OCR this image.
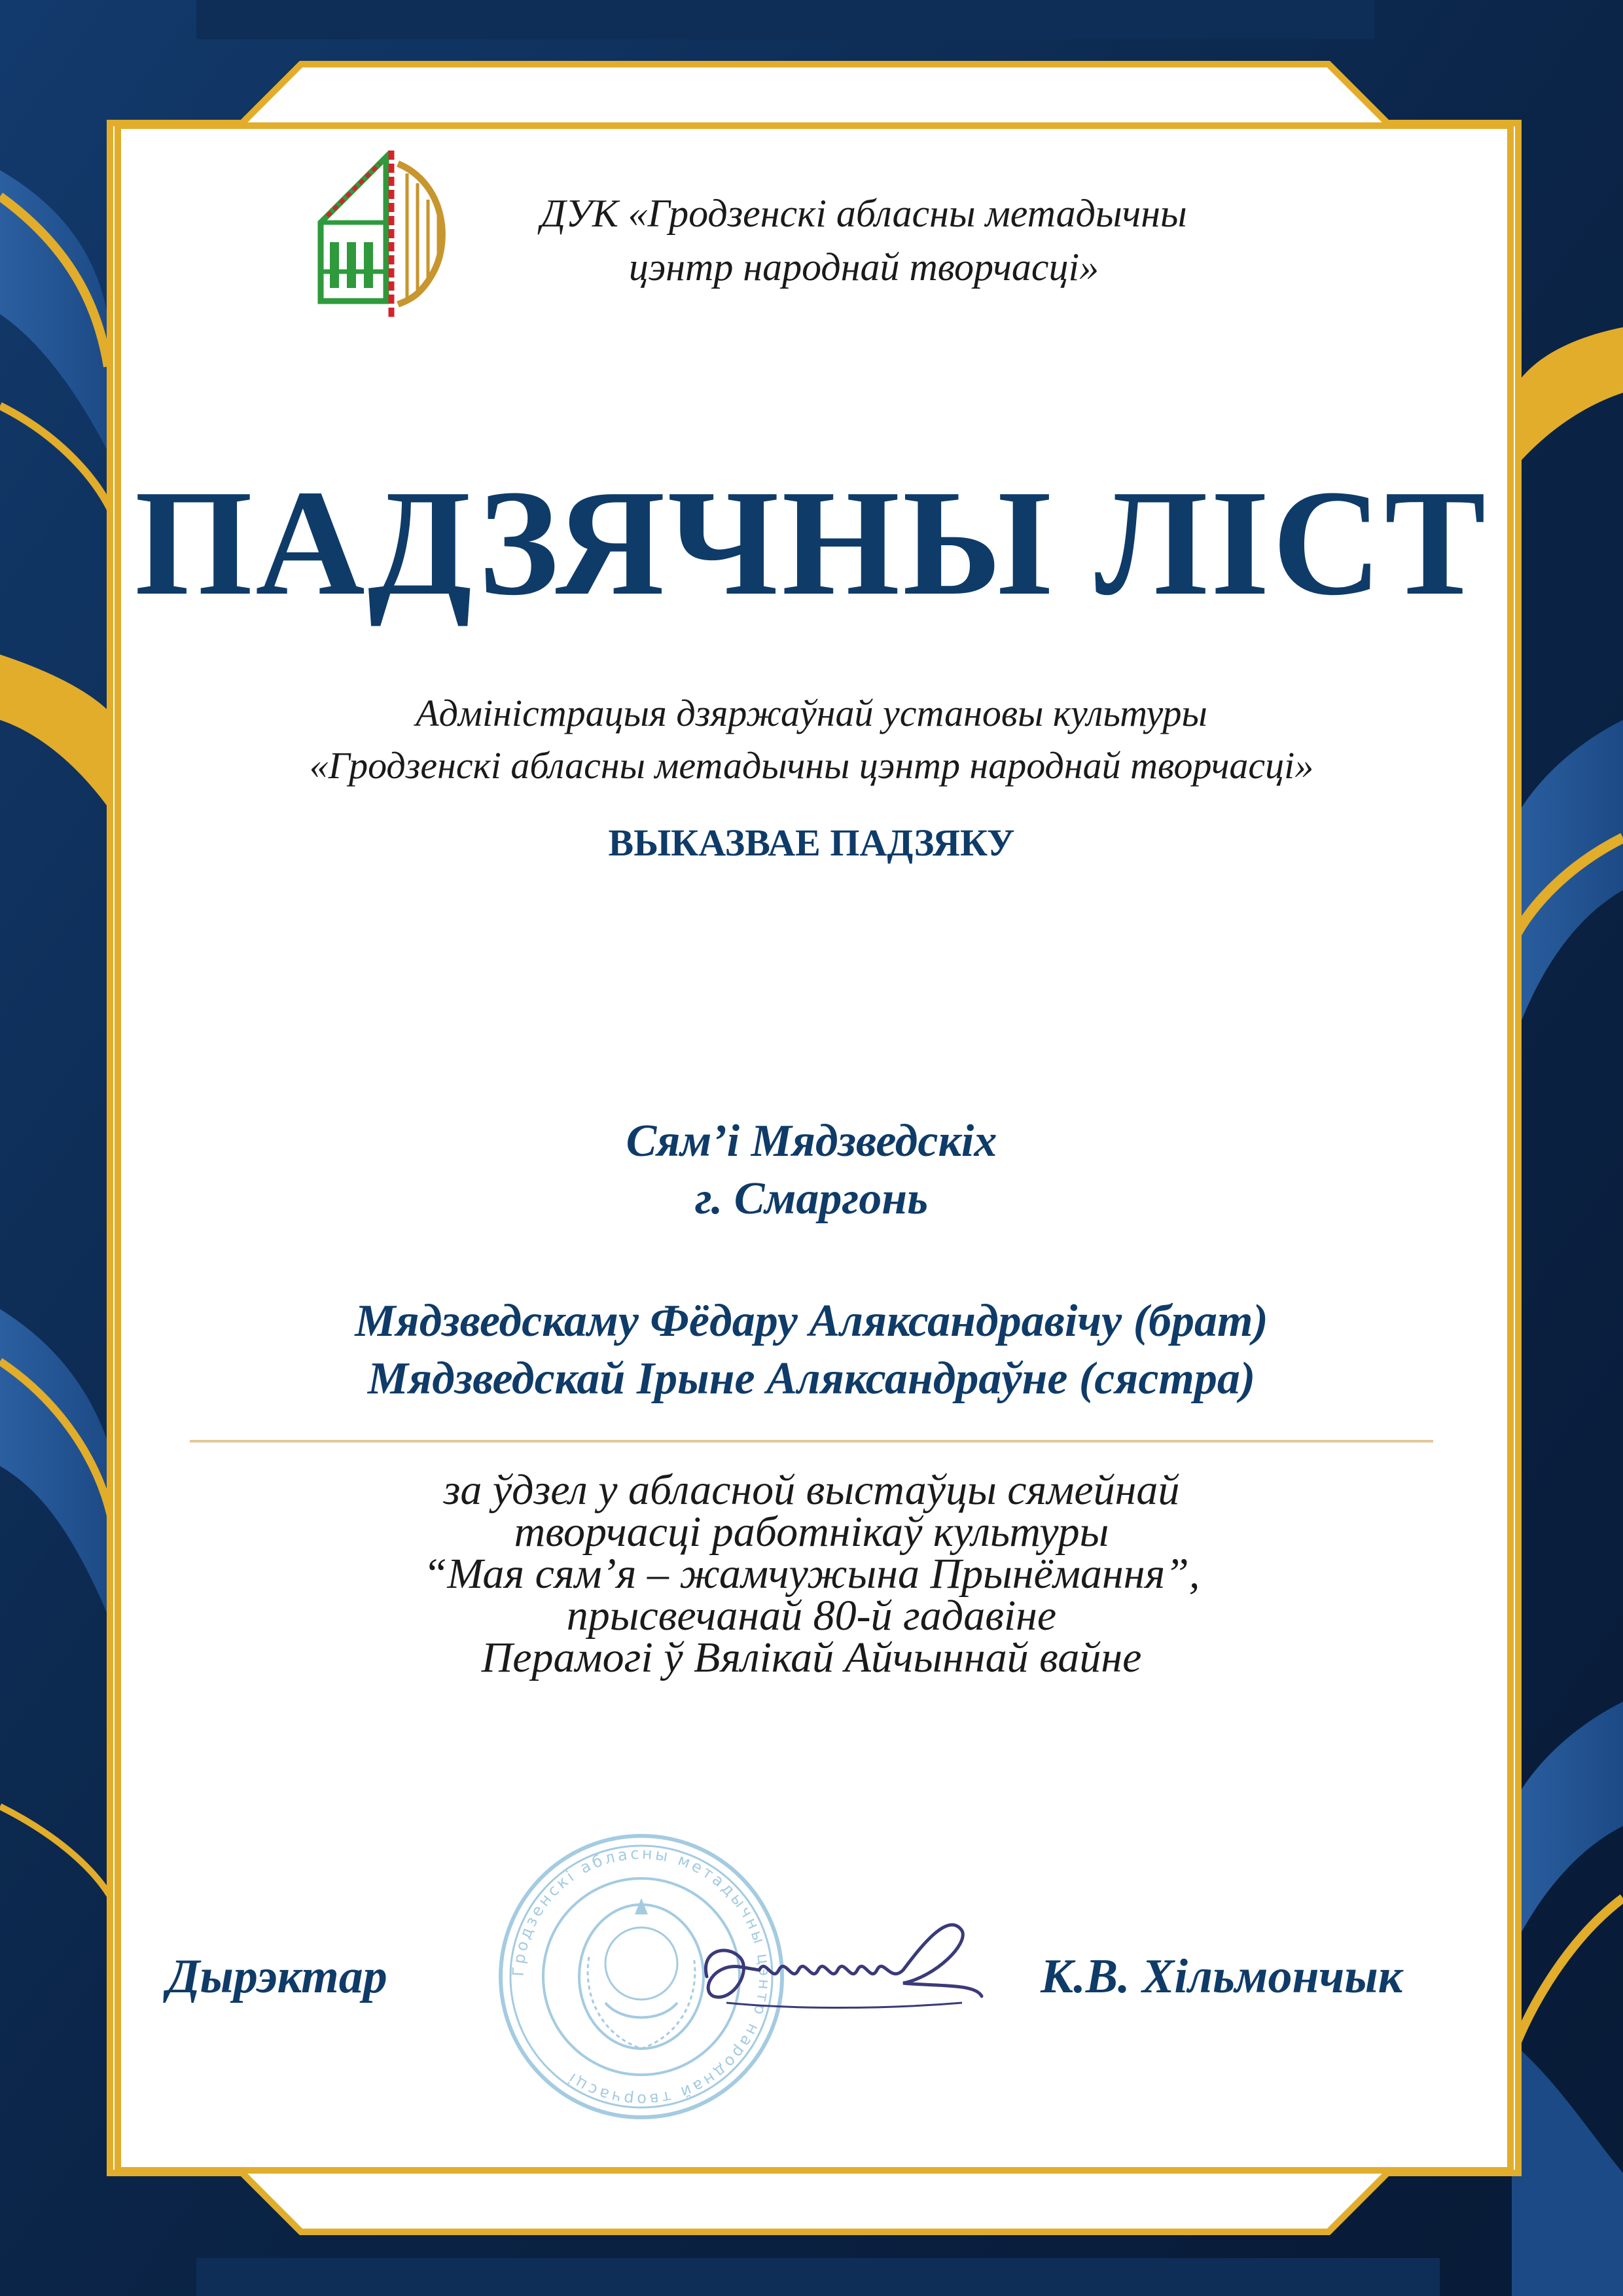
ДУК «Гродзенскі абласны метадычны
цэнтр народнай творчасці»
ПАДЗЯЧНЫ ЛІСТ
Адміністрацыя дзяржаўнай установы культуры
«Гродзенскі абласны метадычны цэнтр народнай творчасці»
ВЫКАЗВАЕ ПАДЗЯКУ
Сям’і Мядзведскіх
г. Смаргонь
Мядзведскаму Фёдару Аляксандравічу (брат)
Мядзведскай Ірыне Аляксандраўне (сястра)
за ўдзел у абласной выстаўцы сямейнай
творчасці работнікаў культуры
“Мая сям’я – жамчужына Прынёмання”,
прысвечанай 80-й гадавіне
Перамогі ў Вялікай Айчыннай вайне
Гродзенскі абласны метадычны цэнтр народнай творчасці
Дырэктар	К.В. Хільмончык
